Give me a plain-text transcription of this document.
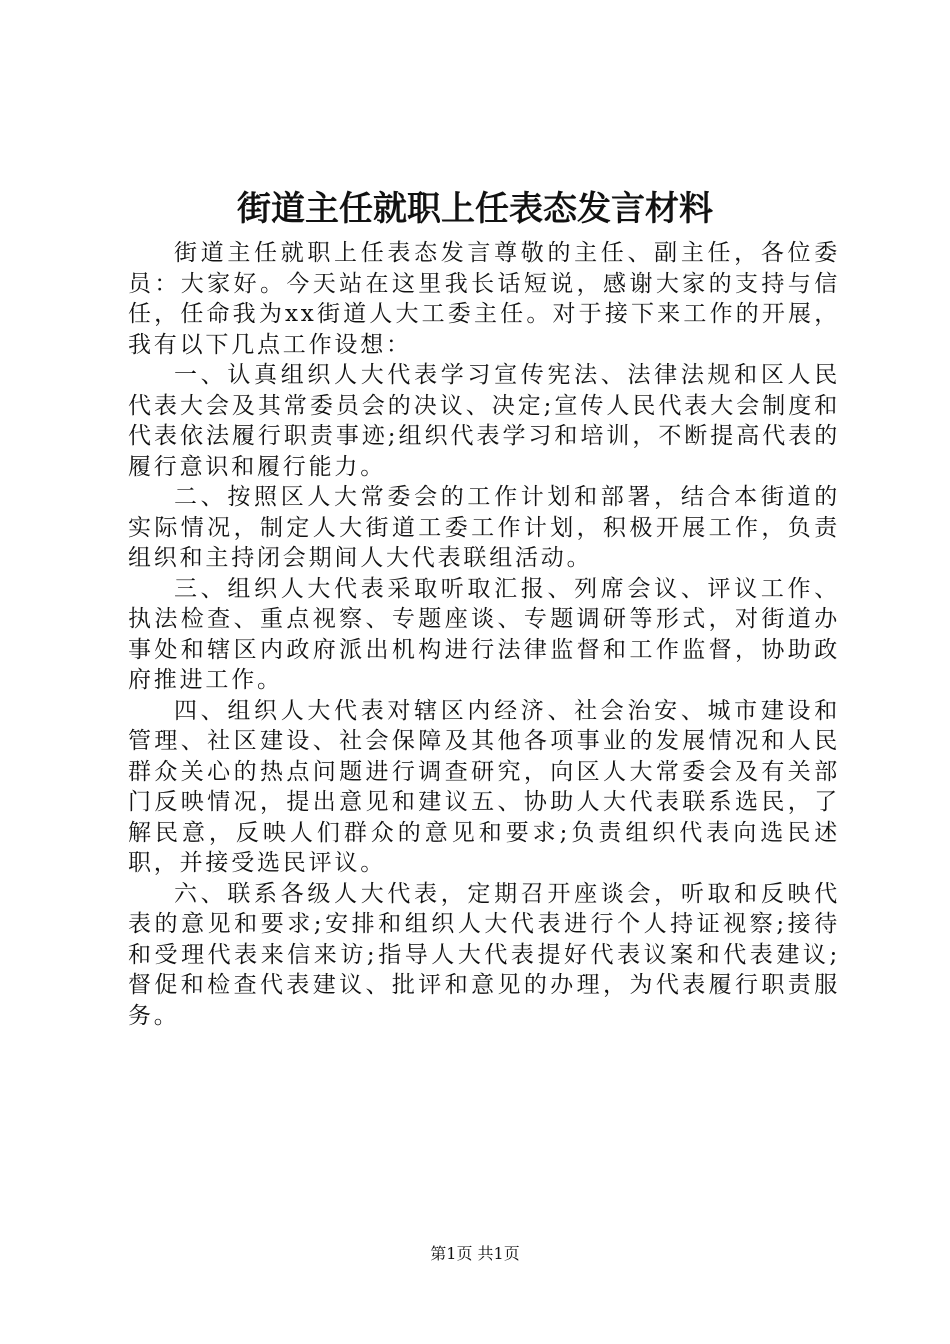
街道主任就职上任表态发言材料

街道主任就职上任表态发言尊敬的主任、副主任，各位委员：大家好。今天站在这里我长话短说，感谢大家的支持与信任，任命我为xx街道人大工委主任。对于接下来工作的开展，我有以下几点工作设想：

一、认真组织人大代表学习宣传宪法、法律法规和区人民代表大会及其常委员会的决议、决定;宣传人民代表大会制度和代表依法履行职责事迹;组织代表学习和培训，不断提高代表的履行意识和履行能力。

二、按照区人大常委会的工作计划和部署，结合本街道的实际情况，制定人大街道工委工作计划，积极开展工作，负责组织和主持闭会期间人大代表联组活动。

三、组织人大代表采取听取汇报、列席会议、评议工作、执法检查、重点视察、专题座谈、专题调研等形式，对街道办事处和辖区内政府派出机构进行法律监督和工作监督，协助政府推进工作。

四、组织人大代表对辖区内经济、社会治安、城市建设和管理、社区建设、社会保障及其他各项事业的发展情况和人民群众关心的热点问题进行调查研究，向区人大常委会及有关部门反映情况，提出意见和建议五、协助人大代表联系选民，了解民意，反映人们群众的意见和要求;负责组织代表向选民述职，并接受选民评议。

六、联系各级人大代表，定期召开座谈会，听取和反映代表的意见和要求;安排和组织人大代表进行个人持证视察;接待和受理代表来信来访;指导人大代表提好代表议案和代表建议;督促和检查代表建议、批评和意见的办理，为代表履行职责服务。

第1页 共1页
